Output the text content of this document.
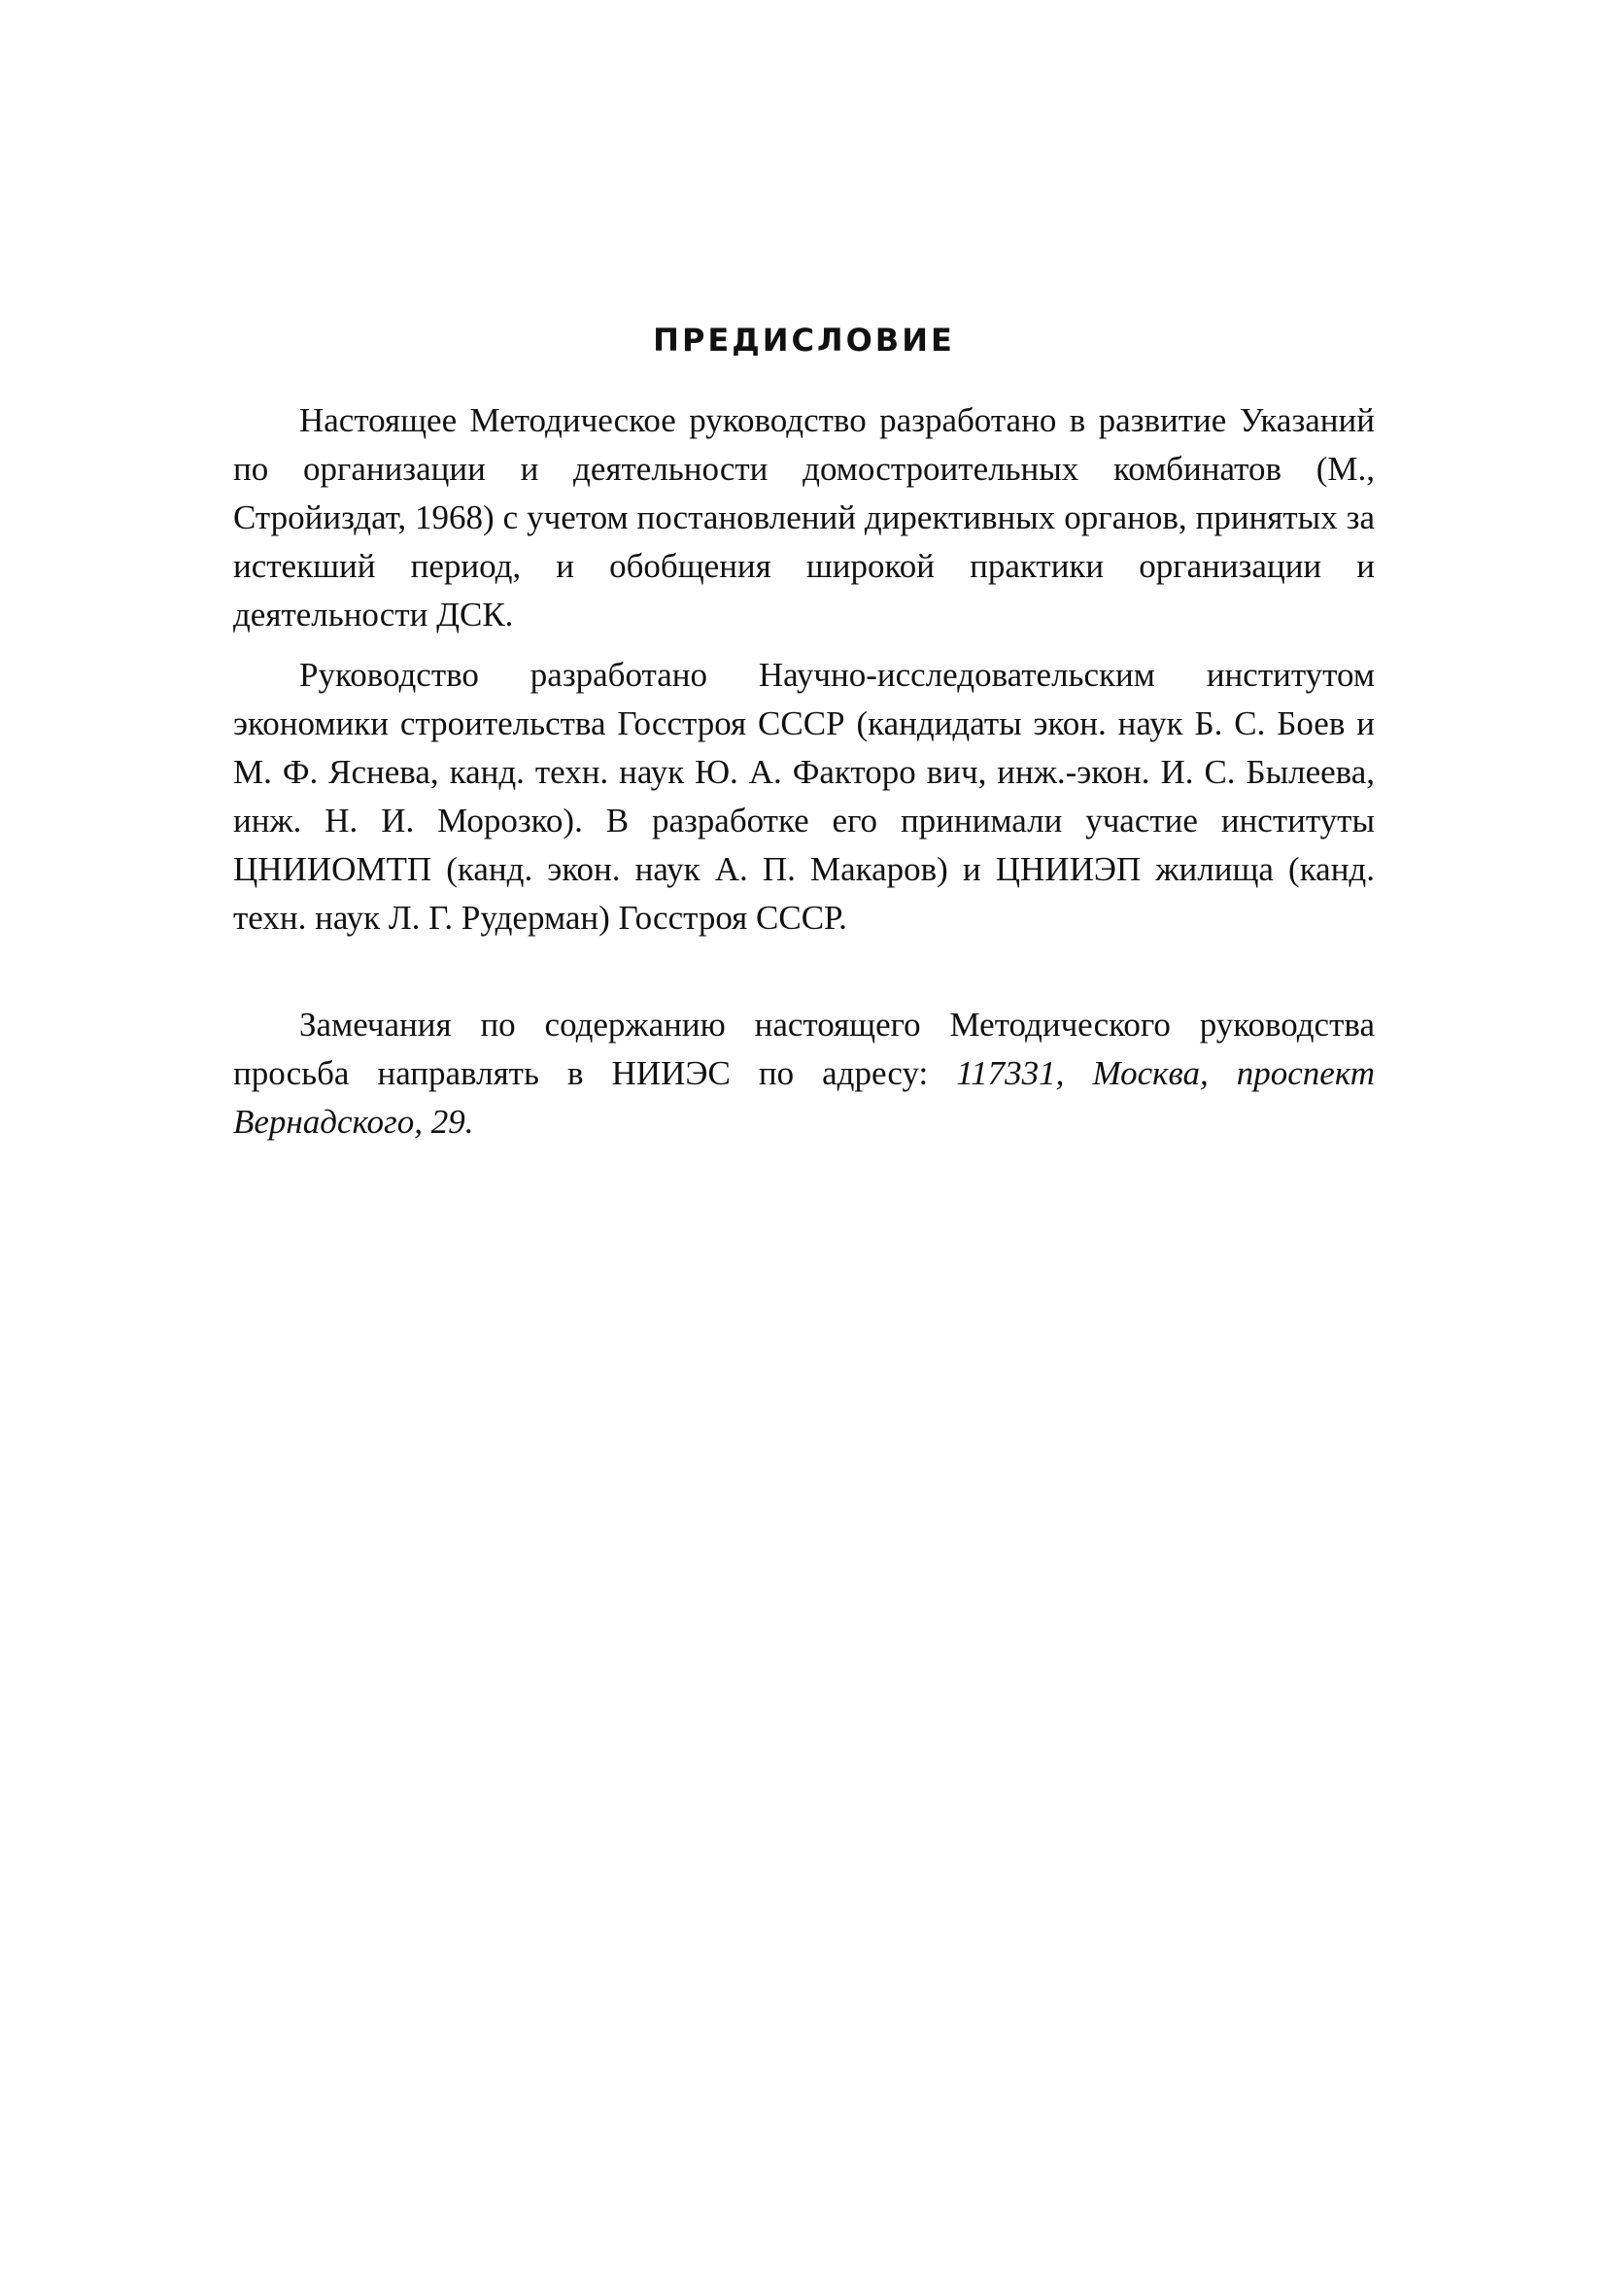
ПРЕДИСЛОВИЕ

Настоящее Методическое руководство разработано в развитие Указаний по организации и деятельности домостроительных комбинатов (М., Стройиздат, 1968) с учетом постановлений директивных органов, принятых за истекший период, и обобщения широкой практики организации и деятельности ДСК.

Руководство разработано Научно-исследовательским институтом экономики строительства Госстроя СССР (кандидаты экон. наук Б. С. Боев и М. Ф. Яснева, канд. техн. наук Ю. А. Факторо вич, инж.-экон. И. С. Былеева, инж. Н. И. Морозко). В разработке его принимали участие институты ЦНИИОМТП (канд. экон. наук А. П. Макаров) и ЦНИИЭП жилища (канд. техн. наук Л. Г. Рудерман) Госстроя СССР.

Замечания по содержанию настоящего Методического руководства просьба направлять в НИИЭС по адресу: 117331, Москва, проспект Вернадского, 29.
